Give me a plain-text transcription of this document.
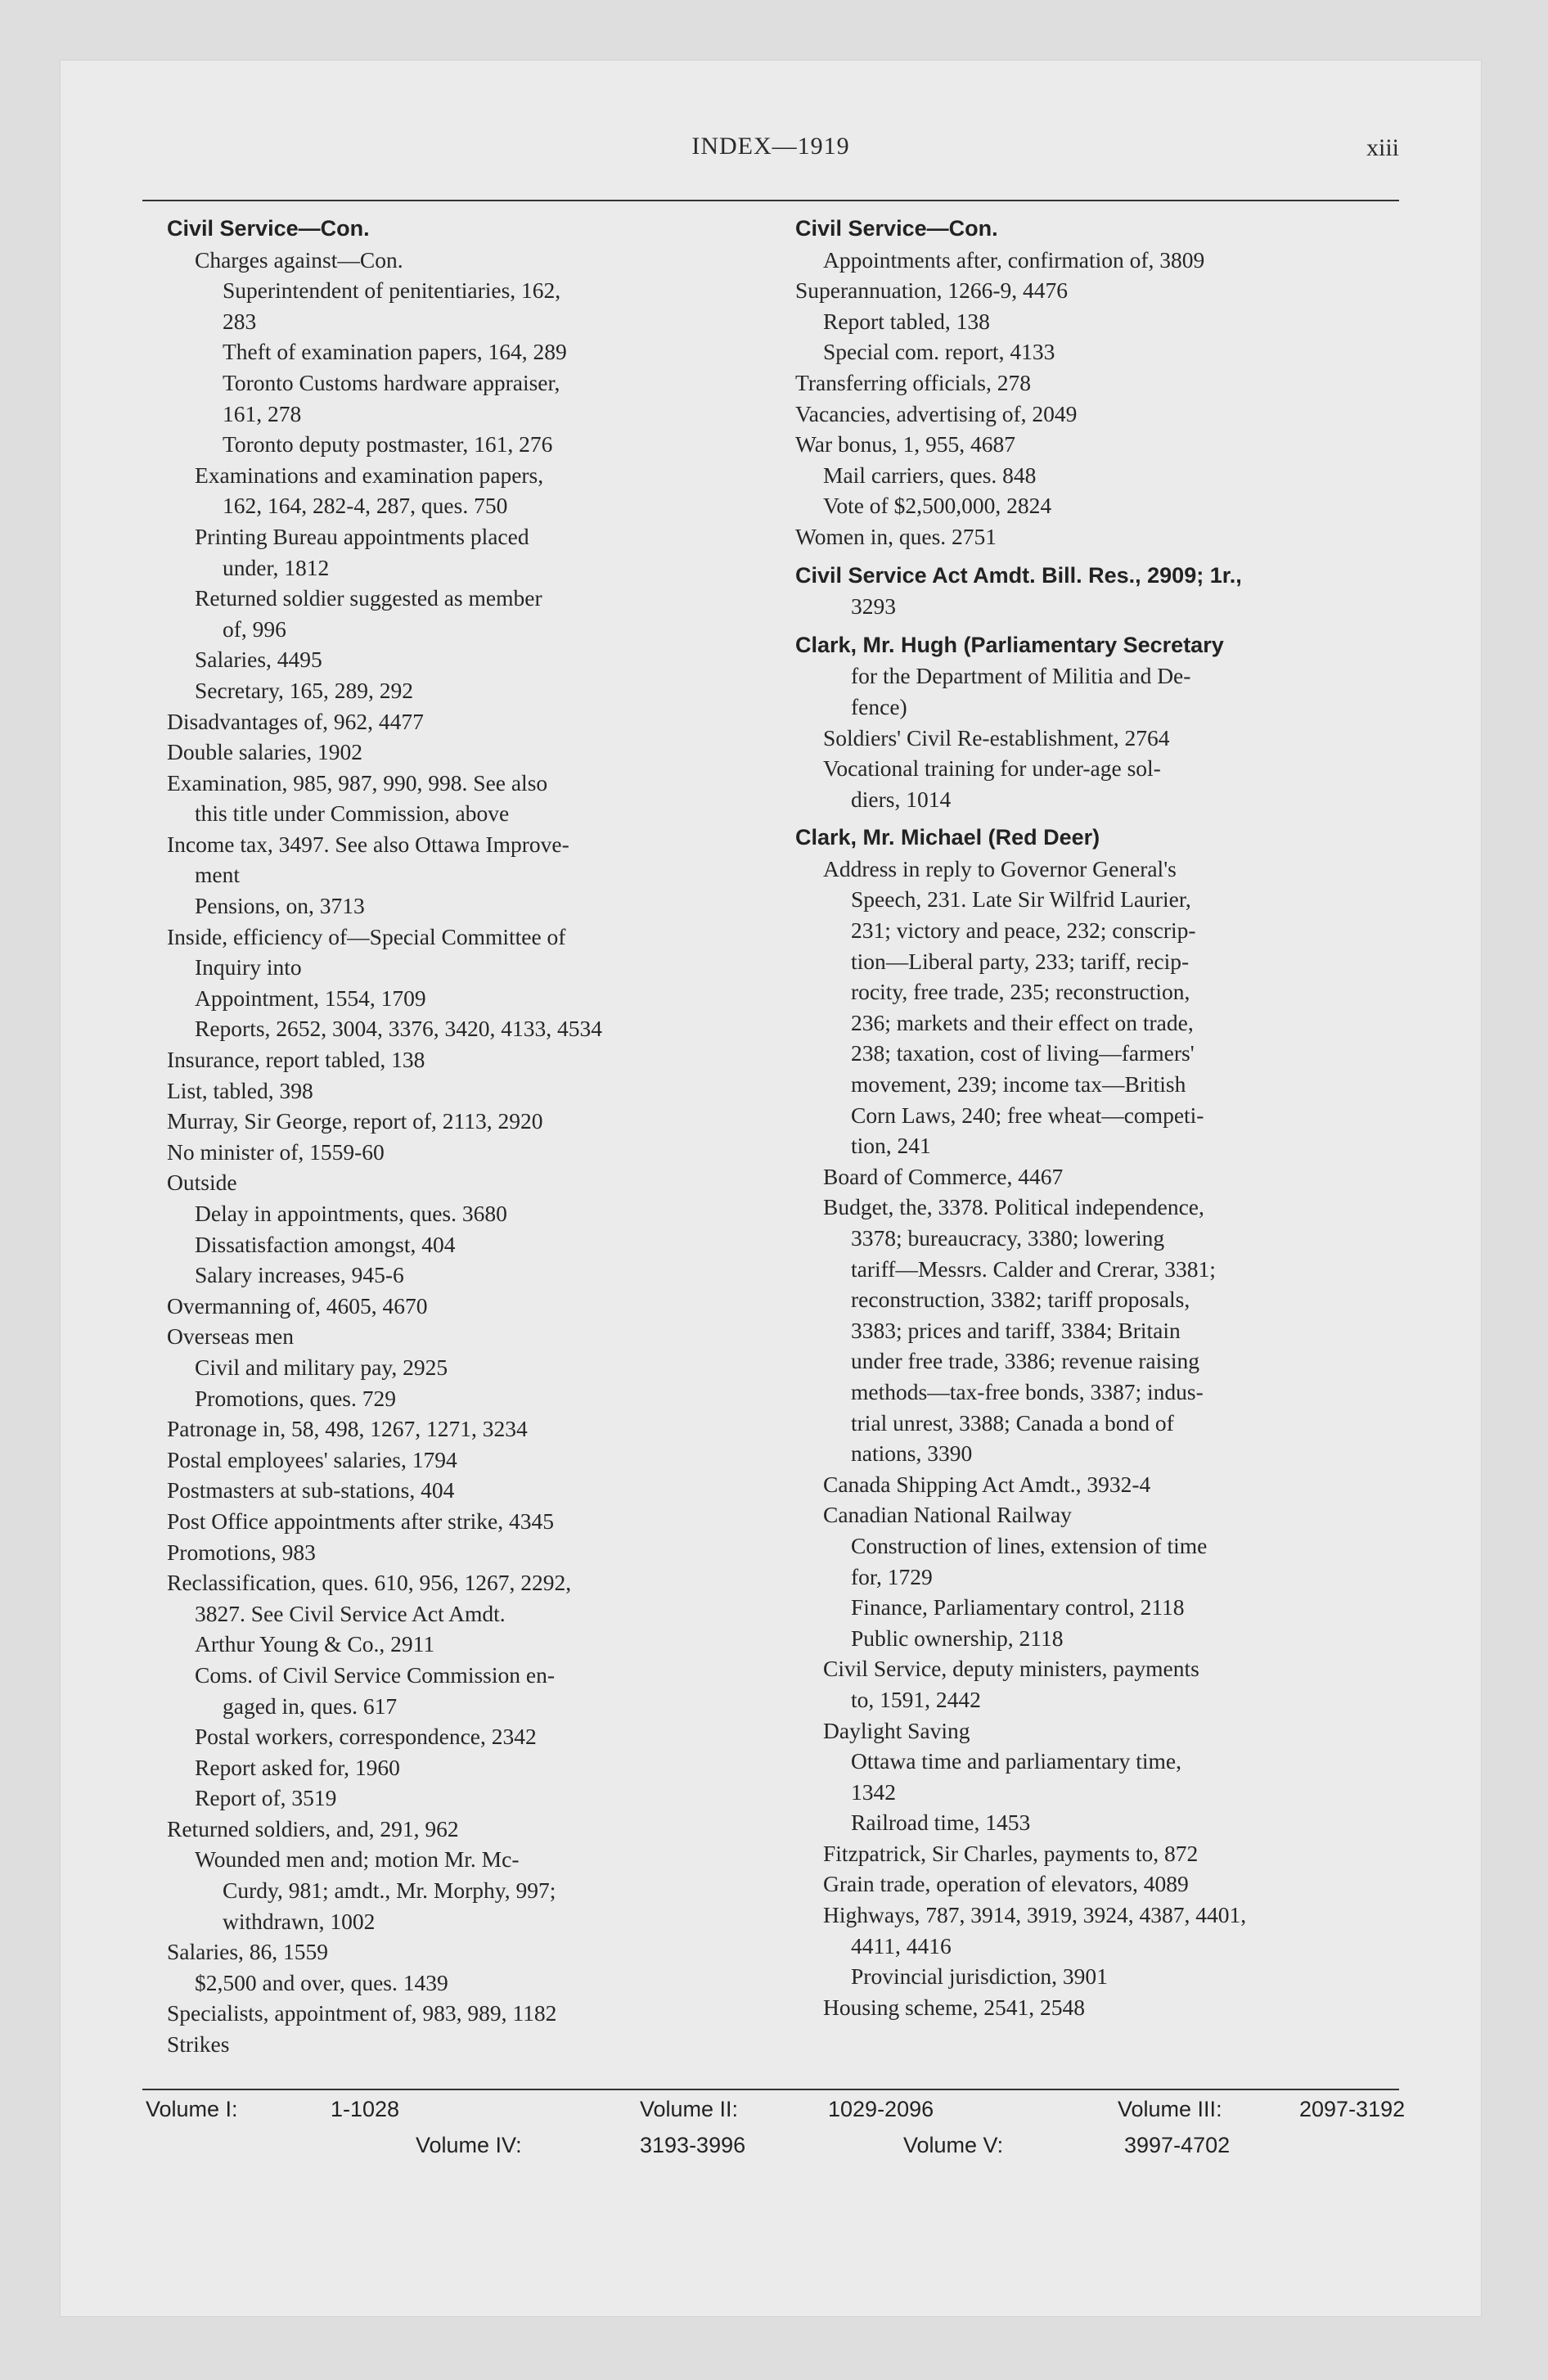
INDEX—1919	xiii
Civil Service—Con.
Charges against—Con.
Superintendent of penitentiaries, 162,
283
Theft of examination papers, 164, 289
Toronto Customs hardware appraiser,
161, 278
Toronto deputy postmaster, 161, 276
Examinations and examination papers,
162, 164, 282-4, 287, ques. 750
Printing Bureau appointments placed
under, 1812
Returned soldier suggested as member
of, 996
Salaries, 4495
Secretary, 165, 289, 292
Disadvantages of, 962, 4477
Double salaries, 1902
Examination, 985, 987, 990, 998. See also
this title under Commission, above
Income tax, 3497. See also Ottawa Improve-
ment
Pensions, on, 3713
Inside, efficiency of—Special Committee of
Inquiry into
Appointment, 1554, 1709
Reports, 2652, 3004, 3376, 3420, 4133, 4534
Insurance, report tabled, 138
List, tabled, 398
Murray, Sir George, report of, 2113, 2920
No minister of, 1559-60
Outside
Delay in appointments, ques. 3680
Dissatisfaction amongst, 404
Salary increases, 945-6
Overmanning of, 4605, 4670
Overseas men
Civil and military pay, 2925
Promotions, ques. 729
Patronage in, 58, 498, 1267, 1271, 3234
Postal employees' salaries, 1794
Postmasters at sub-stations, 404
Post Office appointments after strike, 4345
Promotions, 983
Reclassification, ques. 610, 956, 1267, 2292,
3827. See Civil Service Act Amdt.
Arthur Young & Co., 2911
Coms. of Civil Service Commission en-
gaged in, ques. 617
Postal workers, correspondence, 2342
Report asked for, 1960
Report of, 3519
Returned soldiers, and, 291, 962
Wounded men and; motion Mr. Mc-
Curdy, 981; amdt., Mr. Morphy, 997;
withdrawn, 1002
Salaries, 86, 1559
$2,500 and over, ques. 1439
Specialists, appointment of, 983, 989, 1182
Strikes
Civil Service—Con.
Appointments after, confirmation of, 3809
Superannuation, 1266-9, 4476
Report tabled, 138
Special com. report, 4133
Transferring officials, 278
Vacancies, advertising of, 2049
War bonus, 1, 955, 4687
Mail carriers, ques. 848
Vote of $2,500,000, 2824
Women in, ques. 2751
Civil Service Act Amdt. Bill. Res., 2909; 1r.,
3293
Clark, Mr. Hugh (Parliamentary Secretary
for the Department of Militia and De-
fence)
Soldiers' Civil Re-establishment, 2764
Vocational training for under-age sol-
diers, 1014
Clark, Mr. Michael (Red Deer)
Address in reply to Governor General's
Speech, 231. Late Sir Wilfrid Laurier,
231; victory and peace, 232; conscrip-
tion—Liberal party, 233; tariff, recip-
rocity, free trade, 235; reconstruction,
236; markets and their effect on trade,
238; taxation, cost of living—farmers'
movement, 239; income tax—British
Corn Laws, 240; free wheat—competi-
tion, 241
Board of Commerce, 4467
Budget, the, 3378. Political independence,
3378; bureaucracy, 3380; lowering
tariff—Messrs. Calder and Crerar, 3381;
reconstruction, 3382; tariff proposals,
3383; prices and tariff, 3384; Britain
under free trade, 3386; revenue raising
methods—tax-free bonds, 3387; indus-
trial unrest, 3388; Canada a bond of
nations, 3390
Canada Shipping Act Amdt., 3932-4
Canadian National Railway
Construction of lines, extension of time
for, 1729
Finance, Parliamentary control, 2118
Public ownership, 2118
Civil Service, deputy ministers, payments
to, 1591, 2442
Daylight Saving
Ottawa time and parliamentary time,
1342
Railroad time, 1453
Fitzpatrick, Sir Charles, payments to, 872
Grain trade, operation of elevators, 4089
Highways, 787, 3914, 3919, 3924, 4387, 4401,
4411, 4416
Provincial jurisdiction, 3901
Housing scheme, 2541, 2548
Volume I:	1-1028	Volume II:	1029-2096	Volume III:	2097-3192
Volume IV:	3193-3996	Volume V:	3997-4702
